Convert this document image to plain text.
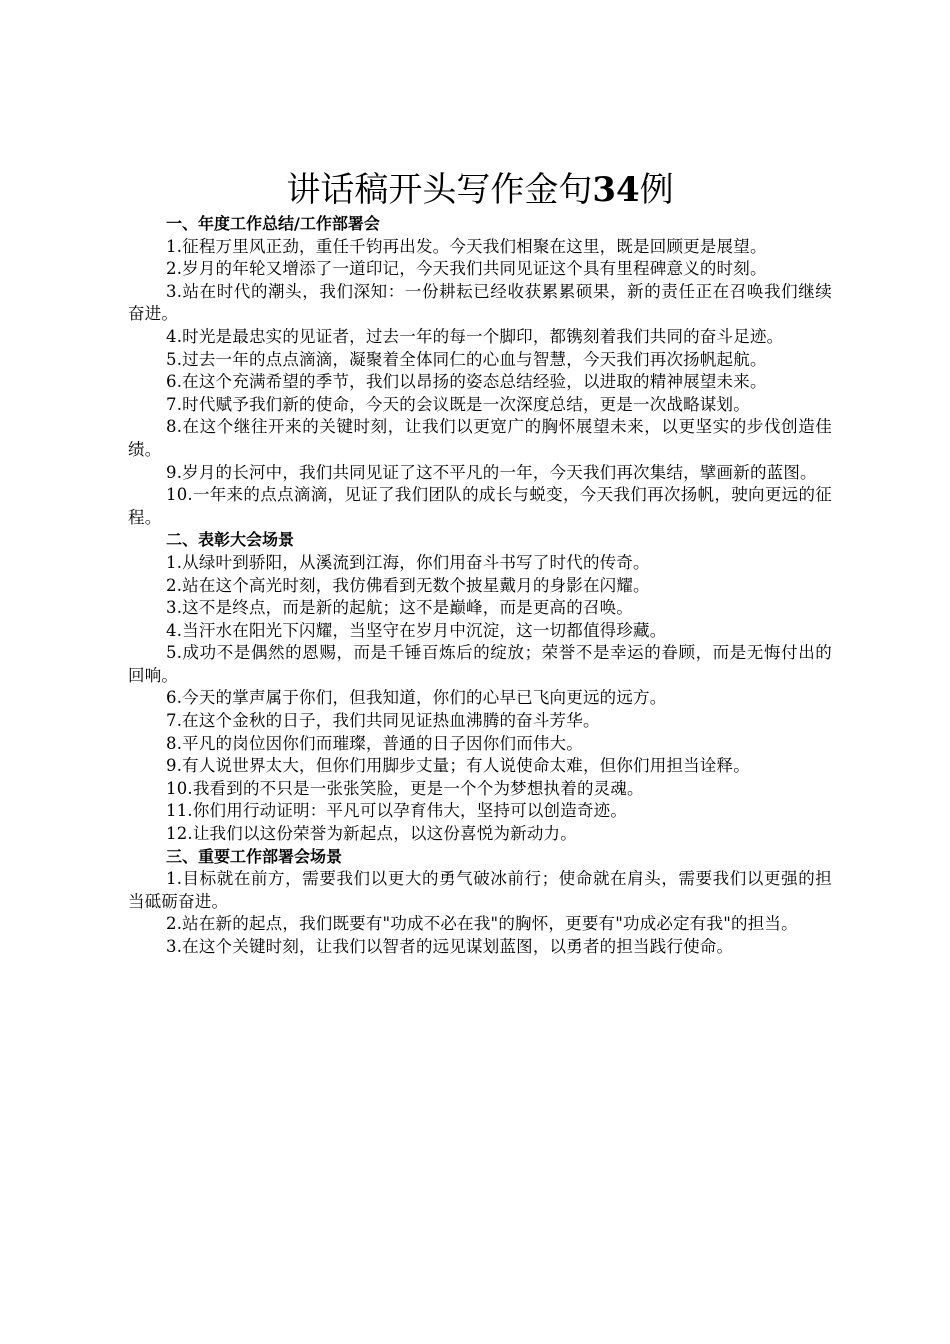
讲话稿开头写作金句34例
一、年度工作总结/工作部署会

1.征程万里风正劲，重任千钧再出发。今天我们相聚在这里，既是回顾更是展望。

2.岁月的年轮又增添了一道印记，今天我们共同见证这个具有里程碑意义的时刻。

3.站在时代的潮头，我们深知：一份耕耘已经收获累累硕果，新的责任正在召唤我们继续奋进。

4.时光是最忠实的见证者，过去一年的每一个脚印，都镌刻着我们共同的奋斗足迹。

5.过去一年的点点滴滴，凝聚着全体同仁的心血与智慧，今天我们再次扬帆起航。

6.在这个充满希望的季节，我们以昂扬的姿态总结经验，以进取的精神展望未来。

7.时代赋予我们新的使命，今天的会议既是一次深度总结，更是一次战略谋划。

8.在这个继往开来的关键时刻，让我们以更宽广的胸怀展望未来，以更坚实的步伐创造佳绩。

9.岁月的长河中，我们共同见证了这不平凡的一年，今天我们再次集结，擘画新的蓝图。

10.一年来的点点滴滴，见证了我们团队的成长与蜕变，今天我们再次扬帆，驶向更远的征程。

二、表彰大会场景

1.从绿叶到骄阳，从溪流到江海，你们用奋斗书写了时代的传奇。

2.站在这个高光时刻，我仿佛看到无数个披星戴月的身影在闪耀。

3.这不是终点，而是新的起航；这不是巅峰，而是更高的召唤。

4.当汗水在阳光下闪耀，当坚守在岁月中沉淀，这一切都值得珍藏。

5.成功不是偶然的恩赐，而是千锤百炼后的绽放；荣誉不是幸运的眷顾，而是无悔付出的回响。

6.今天的掌声属于你们，但我知道，你们的心早已飞向更远的远方。

7.在这个金秋的日子，我们共同见证热血沸腾的奋斗芳华。

8.平凡的岗位因你们而璀璨，普通的日子因你们而伟大。

9.有人说世界太大，但你们用脚步丈量；有人说使命太难，但你们用担当诠释。

10.我看到的不只是一张张笑脸，更是一个个为梦想执着的灵魂。

11.你们用行动证明：平凡可以孕育伟大，坚持可以创造奇迹。

12.让我们以这份荣誉为新起点，以这份喜悦为新动力。

三、重要工作部署会场景

1.目标就在前方，需要我们以更大的勇气破冰前行；使命就在肩头，需要我们以更强的担当砥砺奋进。

2.站在新的起点，我们既要有"功成不必在我"的胸怀，更要有"功成必定有我"的担当。

3.在这个关键时刻，让我们以智者的远见谋划蓝图，以勇者的担当践行使命。
